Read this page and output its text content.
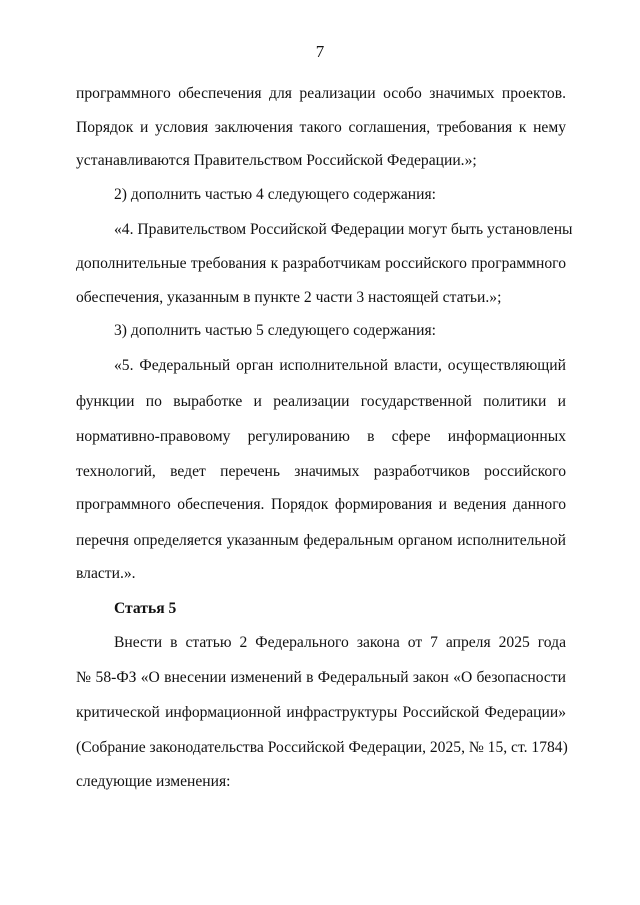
7
программного обеспечения для реализации особо значимых проектов.
Порядок и условия заключения такого соглашения, требования к нему
устанавливаются Правительством Российской Федерации.»;
2) дополнить частью 4 следующего содержания:
«4. Правительством Российской Федерации могут быть установлены
дополнительные требования к разработчикам российского программного
обеспечения, указанным в пункте 2 части 3 настоящей статьи.»;
3) дополнить частью 5 следующего содержания:
«5. Федеральный орган исполнительной власти, осуществляющий
функции по выработке и реализации государственной политики и
нормативно-правовому регулированию в сфере информационных
технологий, ведет перечень значимых разработчиков российского
программного обеспечения. Порядок формирования и ведения данного
перечня определяется указанным федеральным органом исполнительной
власти.».
Статья 5
Внести в статью 2 Федерального закона от 7 апреля 2025 года
№ 58-ФЗ «О внесении изменений в Федеральный закон «О безопасности
критической информационной инфраструктуры Российской Федерации»
(Собрание законодательства Российской Федерации, 2025, № 15, ст. 1784)
следующие изменения:
